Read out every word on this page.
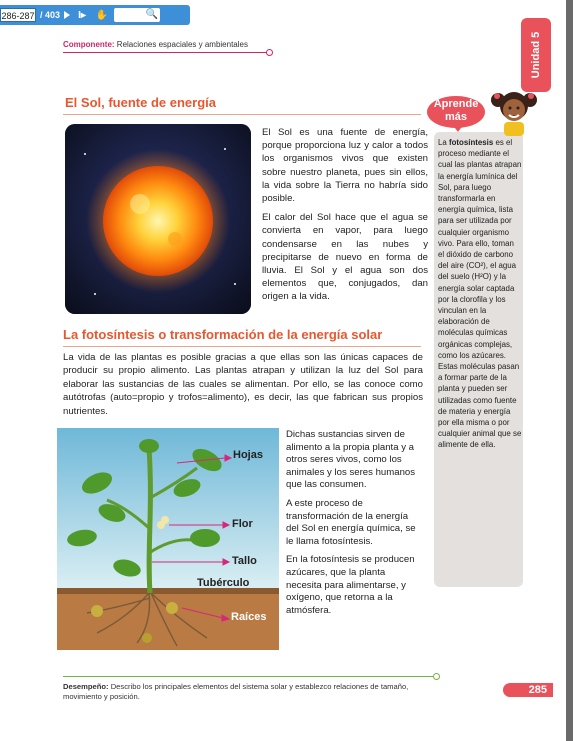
286-287 / 403	I▸ ✋	🔍
Componente: Relaciones espaciales y ambientales	Unidad 5
El Sol, fuente de energía

El Sol es una fuente de energía, porque proporciona luz y calor a todos los organismos vivos que existen sobre nuestro planeta, pues sin ellos, la vida sobre la Tierra no habría sido posible.

El calor del Sol hace que el agua se convierta en vapor, para luego condensarse en las nubes y precipitarse de nuevo en forma de lluvia. El Sol y el agua son dos elementos que, conjugados, dan origen a la vida.

La fotosíntesis o transformación de la energía solar

La vida de las plantas es posible gracias a que ellas son las únicas capaces de producir su propio alimento. Las plantas atrapan y utilizan la luz del Sol para elaborar las sustancias de las cuales se alimentan. Por ello, se las conoce como autótrofas (auto=propio y trofos=alimento), es decir, las que fabrican sus propios nutrientes.

Hojas
Flor
Tallo
Tubérculo
Raíces

Dichas sustancias sirven de alimento a la propia planta y a otros seres vivos, como los animales y los seres humanos que las consumen.

A este proceso de transformación de la energía del Sol en energía química, se le llama fotosíntesis.

En la fotosíntesis se producen azúcares, que la planta necesita para alimentarse, y oxígeno, que retorna a la atmósfera.

Aprende
más
La fotosíntesis es el proceso mediante el cual las plantas atrapan la energía lumínica del Sol, para luego transformarla en energía química, lista para ser utilizada por cualquier organismo vivo. Para ello, toman el dióxido de carbono del aire (CO²), el agua del suelo (H²O) y la energía solar captada por la clorofila y los vinculan en la elaboración de moléculas químicas orgánicas complejas, como los azúcares. Estas moléculas pasan a formar parte de la planta y pueden ser utilizadas como fuente de materia y energía por ella misma o por cualquier animal que se alimente de ella.
Desempeño: Describo los principales elementos del sistema solar y establezco relaciones de tamaño, movimiento y posición.
285
